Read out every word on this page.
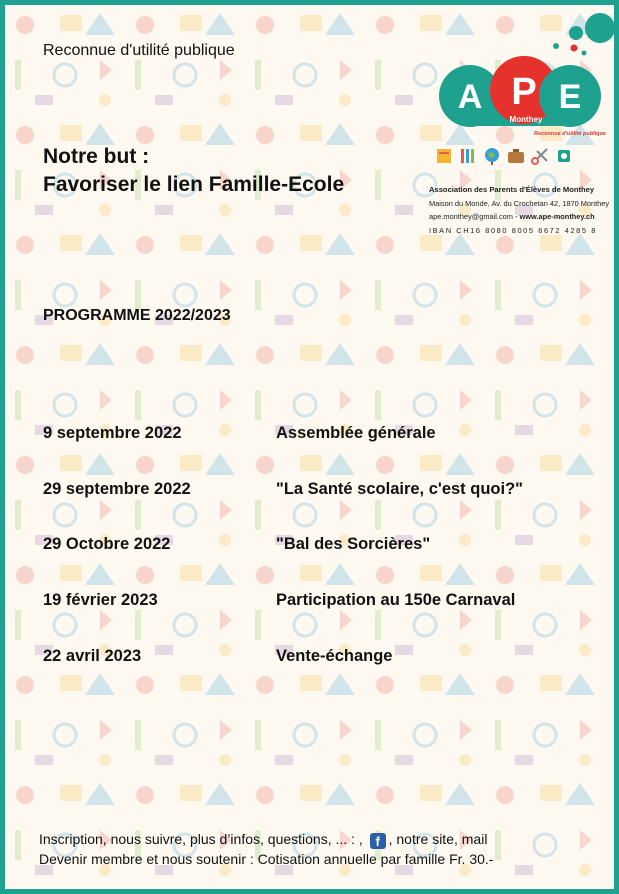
Reconnue d'utilité publique
Notre but :
Favoriser le lien Famille-Ecole
A P E
Monthey
Reconnue d'utilité publique
Association des Parents d'Élèves de Monthey
Maison du Monde, Av. du Crochetan 42, 1870 Monthey
ape.monthey@gmail.com - www.ape-monthey.ch
IBAN CH16 8080 8005 6672 4285 8
PROGRAMME 2022/2023
9 septembre 2022	Assemblée générale
29 septembre 2022	"La Santé scolaire, c'est quoi?"
29 Octobre 2022	"Bal des Sorcières"
19 février 2023	Participation au 150e Carnaval
22 avril 2023	Vente-échange
Inscription, nous suivre, plus d’infos, questions, ... : , f , notre site, mail
Devenir membre et nous soutenir : Cotisation annuelle par famille Fr. 30.-
